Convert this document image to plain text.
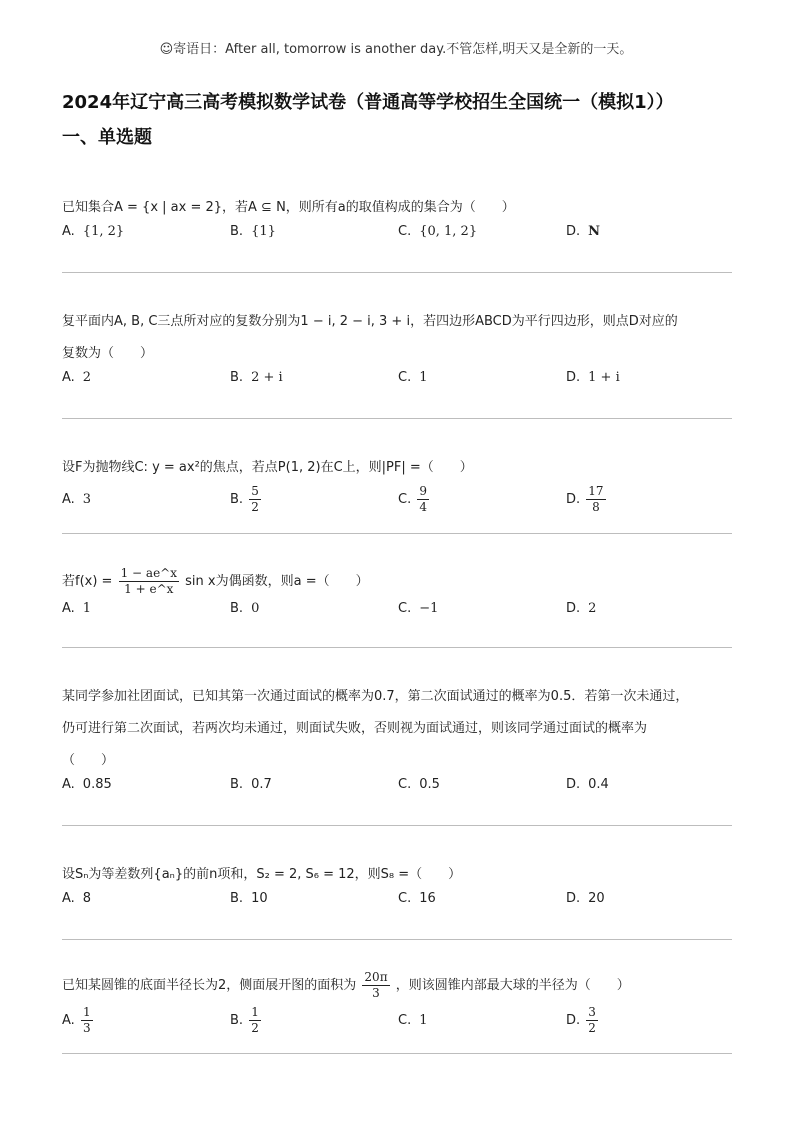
☺寄语日：After all, tomorrow is another day.不管怎样,明天又是全新的一天。
2024年辽宁高三高考模拟数学试卷（普通高等学校招生全国统一（模拟1））
一、单选题
已知集合A = {x | ax = 2}，若A ⊆ N，则所有a的取值构成的集合为（　　）
A. {1, 2}	B. {1}	C. {0, 1, 2}	D. N
复平面内A, B, C三点所对应的复数分别为1 − i, 2 − i, 3 + i，若四边形ABCD为平行四边形，则点D对应的
复数为（　　）
A. 2	B. 2 + i	C. 1	D. 1 + i
设F为抛物线C: y = ax²的焦点，若点P(1, 2)在C上，则|PF| =（　　）
A. 3	B. $\frac{5}{2}$	C. $\frac{9}{4}$	D. $\frac{17}{8}$
若$f(x) = \frac{1 - ae\^{}x}{1 + e\^{}x}$ sin x为偶函数，则a =（　　）
A. 1	B. 0	C. −1	D. 2
某同学参加社团面试，已知其第一次通过面试的概率为0.7，第二次面试通过的概率为0.5．若第一次未通过，
仍可进行第二次面试，若两次均未通过，则面试失败，否则视为面试通过，则该同学通过面试的概率为
（　　）
A. 0.85	B. 0.7	C. 0.5	D. 0.4
设Sₙ为等差数列{aₙ}的前n项和，S₂ = 2, S₆ = 12，则S₈ =（　　）
A. 8	B. 10	C. 16	D. 20
已知某圆锥的底面半径长为2，侧面展开图的面积为 $\frac{20\pi}{3}$ ，则该圆锥内部最大球的半径为（　　）
A. $\frac{1}{3}$	B. $\frac{1}{2}$	C. 1	D. $\frac{3}{2}$
